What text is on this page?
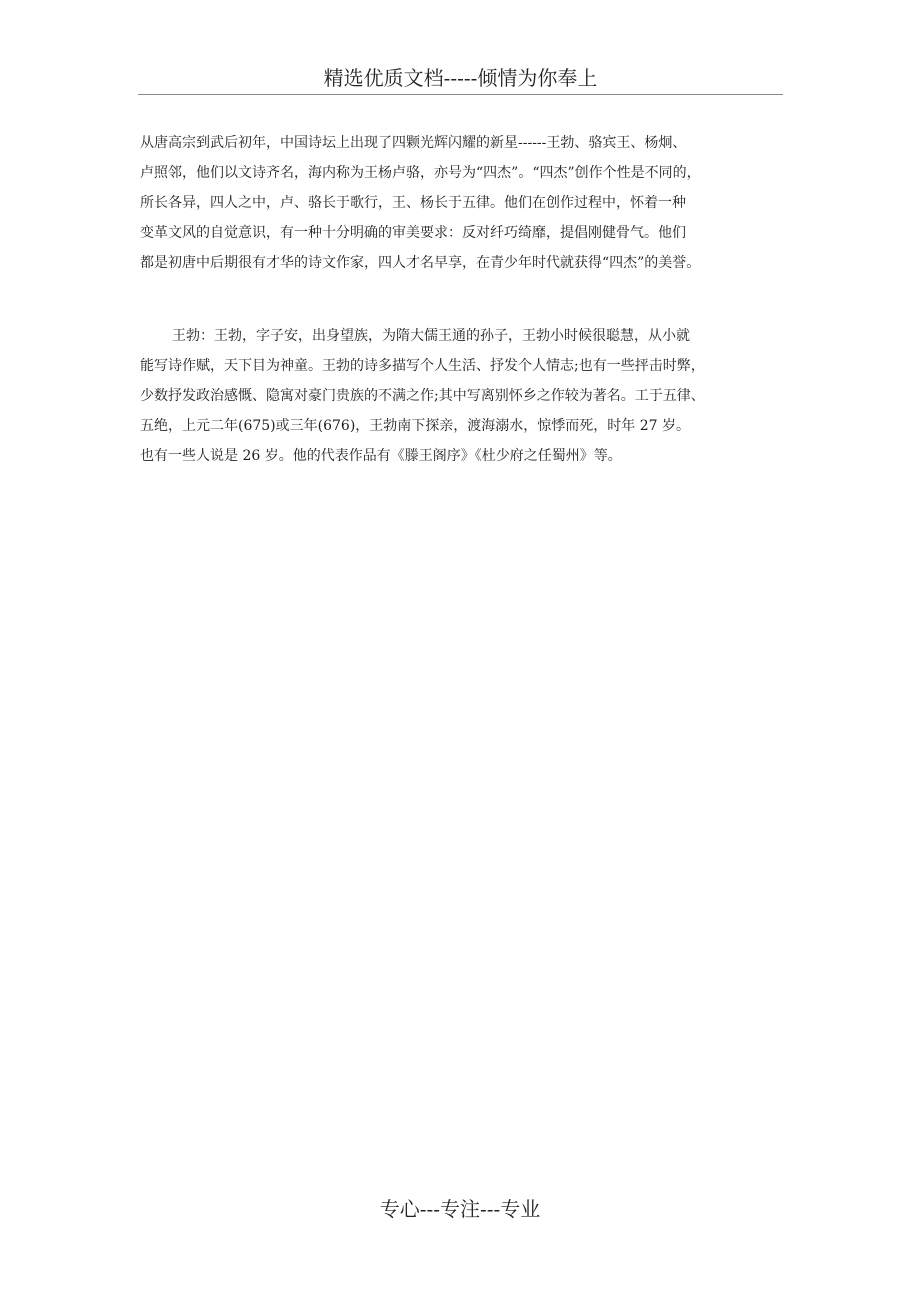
精选优质文档-----倾情为你奉上
从唐高宗到武后初年，中国诗坛上出现了四颗光辉闪耀的新星------王勃、骆宾王、杨炯、
卢照邻，他们以文诗齐名，海内称为王杨卢骆，亦号为“四杰”。“四杰”创作个性是不同的，
所长各异，四人之中，卢、骆长于歌行，王、杨长于五律。他们在创作过程中，怀着一种
变革文风的自觉意识，有一种十分明确的审美要求：反对纤巧绮靡，提倡刚健骨气。他们
都是初唐中后期很有才华的诗文作家，四人才名早享，在青少年时代就获得“四杰”的美誉。
王勃：王勃，字子安，出身望族，为隋大儒王通的孙子，王勃小时候很聪慧，从小就
能写诗作赋，天下目为神童。王勃的诗多描写个人生活、抒发个人情志;也有一些抨击时弊，
少数抒发政治感慨、隐寓对豪门贵族的不满之作;其中写离别怀乡之作较为著名。工于五律、
五绝，上元二年(675)或三年(676)，王勃南下探亲，渡海溺水，惊悸而死，时年 27 岁。
也有一些人说是 26 岁。他的代表作品有《滕王阁序》《杜少府之任蜀州》等。
专心---专注---专业
